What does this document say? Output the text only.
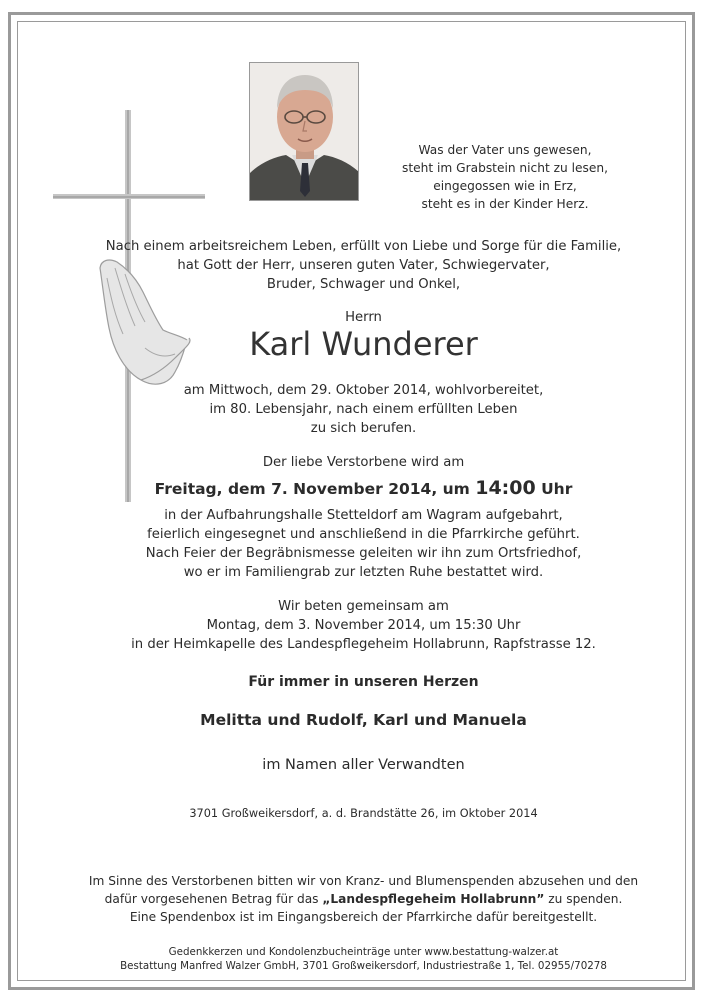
Was der Vater uns gewesen,
steht im Grabstein nicht zu lesen,
eingegossen wie in Erz,
steht es in der Kinder Herz.
Nach einem arbeitsreichem Leben, erfüllt von Liebe und Sorge für die Familie,
hat Gott der Herr, unseren guten Vater, Schwiegervater,
Bruder, Schwager und Onkel,
Herrn
Karl Wunderer
am Mittwoch, dem 29. Oktober 2014, wohlvorbereitet,
im 80. Lebensjahr, nach einem erfüllten Leben
zu sich berufen.
Der liebe Verstorbene wird am
Freitag, dem 7. November 2014, um 14:00 Uhr
in der Aufbahrungshalle Stetteldorf am Wagram aufgebahrt,
feierlich eingesegnet und anschließend in die Pfarrkirche geführt.
Nach Feier der Begräbnismesse geleiten wir ihn zum Ortsfriedhof,
wo er im Familiengrab zur letzten Ruhe bestattet wird.
Wir beten gemeinsam am
Montag, dem 3. November 2014, um 15:30 Uhr
in der Heimkapelle des Landespflegeheim Hollabrunn, Rapfstrasse 12.
Für immer in unseren Herzen
Melitta und Rudolf, Karl und Manuela
im Namen aller Verwandten
3701 Großweikersdorf, a. d. Brandstätte 26, im Oktober 2014
Im Sinne des Verstorbenen bitten wir von Kranz- und Blumenspenden abzusehen und den
dafür vorgesehenen Betrag für das „Landespflegeheim Hollabrunn” zu spenden.
Eine Spendenbox ist im Eingangsbereich der Pfarrkirche dafür bereitgestellt.
Gedenkkerzen und Kondolenzbucheinträge unter www.bestattung-walzer.at
Bestattung Manfred Walzer GmbH, 3701 Großweikersdorf, Industriestraße 1, Tel. 02955/70278
